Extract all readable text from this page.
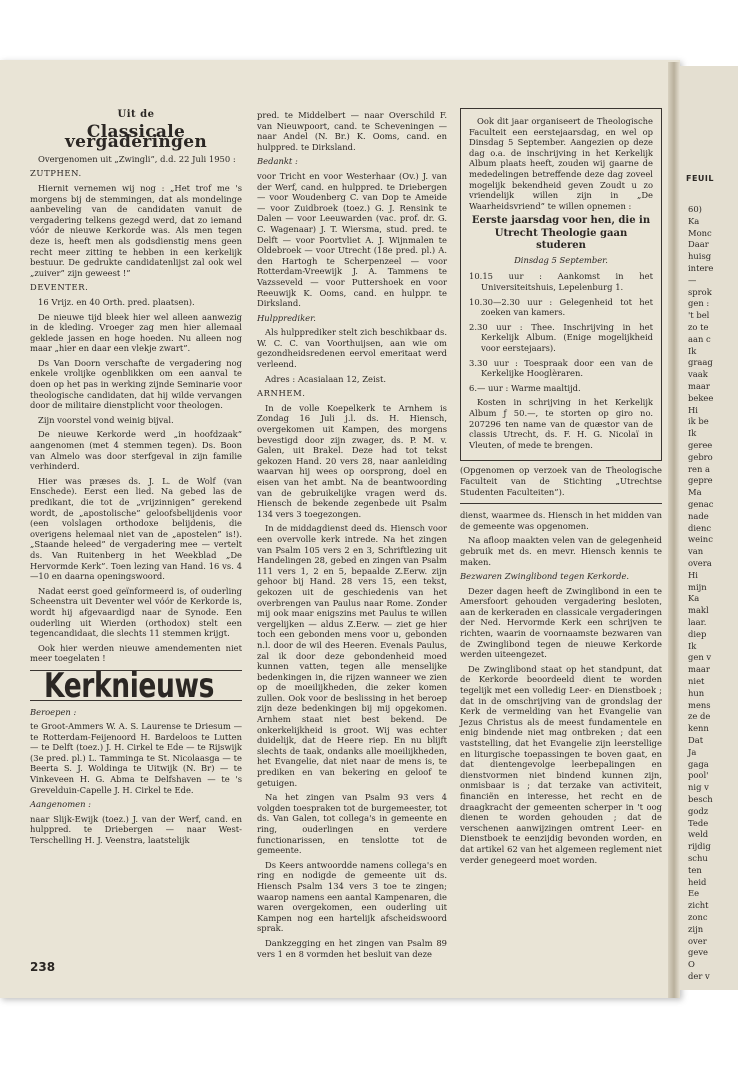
FEUIL
60)
Ka
Monc
Daar
huisg
intere
—
sprok
gen :
't bel
zo te
aan c
Ik
graag
vaak
maar
bekee
Hi
ik be
Ik
geree
gebro
ren a
gepre
Ma
genac
nade
dienc
weinc
van
overa
Hi
mijn
Ka
makl
laar.
diep
Ik
gen v
maar
niet
hun
mens
ze de
kenn
Dat
Ja
gaga
pool'
nig v
besch
godz
Tede
weld
rijdig
schu
ten
heid
Ee
zicht
zonc
zijn
over
geve
O
der v
Uit de
Classicale vergaderingen

Overgenomen uit „Zwingli”, d.d. 22 Juli 1950 :

ZUTPHEN.

Hiernit vernemen wij nog : „Het trof me 's morgens bij de stemmingen, dat als mondelinge aanbeveling van de candidaten vanuit de vergadering telkens gezegd werd, dat zo iemand vóór de nieuwe Kerkorde was. Als men tegen deze is, heeft men als godsdienstig mens geen recht meer zitting te hebben in een kerkelijk bestuur. De gedrukte candidatenlijst zal ook wel „zuiver” zijn geweest !”

DEVENTER.

16 Vrijz. en 40 Orth. pred. plaatsen).

De nieuwe tijd bleek hier wel alleen aanwezig in de kleding. Vroeger zag men hier allemaal geklede jassen en hoge hoeden. Nu alleen nog maar „hier en daar een vlekje zwart”.

Ds Van Doorn verschafte de vergadering nog enkele vrolijke ogenblikken om een aanval te doen op het pas in werking zijnde Seminarie voor theologische candidaten, dat hij wilde vervangen door de militaire dienstplicht voor theologen.

Zijn voorstel vond weinig bijval.

De nieuwe Kerkorde werd „in hoofdzaak” aangenomen (met 4 stemmen tegen). Ds. Boon van Almelo was door sterfgeval in zijn familie verhinderd.

Hier was præses ds. J. L. de Wolf (van Enschede). Eerst een lied. Na gebed las de predikant, die tot de „vrijzinnigen” gerekend wordt, de „apostolische” geloofsbelijdenis voor (een volslagen orthodoxe belijdenis, die overigens helemaal niet van de „apostelen” is!). „Staande heleed” de vergadering mee — vertelt ds. Van Ruitenberg in het Weekblad „De Hervormde Kerk”. Toen lezing van Hand. 16 vs. 4—10 en daarna openingswoord.

Nadat eerst goed geïnformeerd is, of ouderling Scheenstra uit Deventer wel vóór de Kerkorde is, wordt hij afgevaardigd naar de Synode. Een ouderling uit Wierden (orthodox) stelt een tegencandidaat, die slechts 11 stemmen krijgt.

Ook hier werden nieuwe amendementen niet meer toegelaten !

Kerknieuws

Beroepen :

te Groot-Ammers W. A. S. Laurense te Driesum — te Rotterdam-Feijenoord H. Bardeloos te Lutten — te Delft (toez.) J. H. Cirkel te Ede — te Rijswijk (3e pred. pl.) L. Tamminga te St. Nicolaasga — te Beerta S. J. Woldinga te Uitwijk (N. Br) — te Vinkeveen H. G. Abma te Delfshaven — te 's Grevelduin-Capelle J. H. Cirkel te Ede.

Aangenomen :

naar Slijk-Ewijk (toez.) J. van der Werf, cand. en hulppred. te Driebergen — naar West-Terschelling H. J. Veenstra, laatstelijk

pred. te Middelbert — naar Overschild F. van Nieuwpoort, cand. te Scheveningen — naar Andel (N. Br.) K. Ooms, cand. en hulppred. te Dirksland.

Bedankt :

voor Tricht en voor Westerhaar (Ov.) J. van der Werf, cand. en hulppred. te Driebergen — voor Woudenberg C. van Dop te Ameide — voor Zuidbroek (toez.) G. J. Rensink te Dalen — voor Leeuwarden (vac. prof. dr. G. C. Wagenaar) J. T. Wiersma, stud. pred. te Delft — voor Poortvliet A. J. Wijnmalen te Oldebroek — voor Utrecht (18e pred. pl.) A. den Hartogh te Scherpenzeel — voor Rotterdam-Vreewijk J. A. Tammens te Vazsseveld — voor Puttershoek en voor Reeuwijk K. Ooms, cand. en hulppr. te Dirksland.

Hulpprediker.

Als hulpprediker stelt zich beschikbaar ds. W. C. C. van Voorthuijsen, aan wie om gezondheidsredenen eervol emeritaat werd verleend.

Adres : Acasialaan 12, Zeist.

ARNHEM.

In de volle Koepelkerk te Arnhem is Zondag 16 Juli j.l. ds. H. Hiensch, overgekomen uit Kampen, des morgens bevestigd door zijn zwager, ds. P. M. v. Galen, uit Brakel. Deze had tot tekst gekozen Hand. 20 vers 28, naar aanleiding waarvan hij wees op oorsprong, doel en eisen van het ambt. Na de beantwoording van de gebruikelijke vragen werd ds. Hiensch de bekende zegenbede uit Psalm 134 vers 3 toegezongen.

In de middagdienst deed ds. Hiensch voor een overvolle kerk intrede. Na het zingen van Psalm 105 vers 2 en 3, Schriftlezing uit Handelingen 28, gebed en zingen van Psalm 111 vers 1, 2 en 5, bepaalde Z.Eerw. zijn gehoor bij Hand. 28 vers 15, een tekst, gekozen uit de geschiedenis van het overbrengen van Paulus naar Rome. Zonder mij ook maar enigszins met Paulus te willen vergelijken — aldus Z.Eerw. — ziet ge hier toch een gebonden mens voor u, gebonden n.l. door de wil des Heeren. Evenals Paulus, zal ik door deze gebondenheid moed kunnen vatten, tegen alle menselijke bedenkingen in, die rijzen wanneer we zien op de moeilijkheden, die zeker komen zullen. Ook voor de beslissing in het beroep zijn deze bedenkingen bij mij opgekomen. Arnhem staat niet best bekend. De onkerkelijkheid is groot. Wij was echter duidelijk, dat de Heere riep. En nu blijft slechts de taak, ondanks alle moeilijkheden, het Evangelie, dat niet naar de mens is, te prediken en van bekering en geloof te getuigen.

Na het zingen van Psalm 93 vers 4 volgden toespraken tot de burgemeester, tot ds. Van Galen, tot collega's in gemeente en ring, ouderlingen en verdere functionarissen, en tenslotte tot de gemeente.

Ds Keers antwoordde namens collega's en ring en nodigde de gemeente uit ds. Hiensch Psalm 134 vers 3 toe te zingen; waarop namens een aantal Kampenaren, die waren overgekomen, een ouderling uit Kampen nog een hartelijk afscheidswoord sprak.

Dankzegging en het zingen van Psalm 89 vers 1 en 8 vormden het besluit van deze

Ook dit jaar organiseert de Theologische Faculteit een eerstejaarsdag, en wel op Dinsdag 5 September. Aangezien op deze dag o.a. de inschrijving in het Kerkelijk Album plaats heeft, zouden wij gaarne de mededelingen betreffende deze dag zoveel mogelijk bekendheid geven Zoudt u zo vriendelijk willen zijn in „De Waarheidsvriend” te willen opnemen :

Eerste jaarsdag voor hen, die in Utrecht Theologie gaan studeren
Dinsdag 5 September.

10.15 uur : Aankomst in het Universiteitshuis, Lepelenburg 1.

10.30—2.30 uur : Gelegenheid tot het zoeken van kamers.

2.30 uur : Thee. Inschrijving in het Kerkelijk Album. (Enige mogelijkheid voor eerstejaars).

3.30 uur : Toespraak door een van de Kerkelijke Hooglèraren.

6.— uur : Warme maaltijd.

Kosten in schrijving in het Kerkelijk Album ƒ 50.—, te storten op giro no. 207296 ten name van de quæstor van de classis Utrecht, ds. F. H. G. Nicolaï in Vleuten, of mede te brengen.

(Opgenomen op verzoek van de Theologische Faculteit van de Stichting „Utrechtse Studenten Faculteiten”).

dienst, waarmee ds. Hiensch in het midden van de gemeente was opgenomen.

Na afloop maakten velen van de gelegenheid gebruik met ds. en mevr. Hiensch kennis te maken.

Bezwaren Zwinglibond tegen Kerkorde.

Dezer dagen heeft de Zwinglibond in een te Amersfoort gehouden vergadering besloten, aan de kerkeraden en classicale vergaderingen der Ned. Hervormde Kerk een schrijven te richten, waarin de voornaamste bezwaren van de Zwinglibond tegen de nieuwe Kerkorde werden uiteengezet.

De Zwinglibond staat op het standpunt, dat de Kerkorde beoordeeld dient te worden tegelijk met een volledig Leer- en Dienstboek ; dat in de omschrijving van de grondslag der Kerk de vermelding van het Evangelie van Jezus Christus als de meest fundamentele en enig bindende niet mag ontbreken ; dat een vaststelling, dat het Evangelie zijn leerstellige en liturgische toepassingen te boven gaat, en dat dientengevolge leerbepalingen en dienstvormen niet bindend kunnen zijn, onmisbaar is ; dat terzake van activiteit, financiën en interesse, het recht en de draagkracht der gemeenten scherper in 't oog dienen te worden gehouden ; dat de verschenen aanwijzingen omtrent Leer- en Dienstboek te eenzijdig bevonden worden, en dat artikel 62 van het algemeen reglement niet verder genegeerd moet worden.

238
